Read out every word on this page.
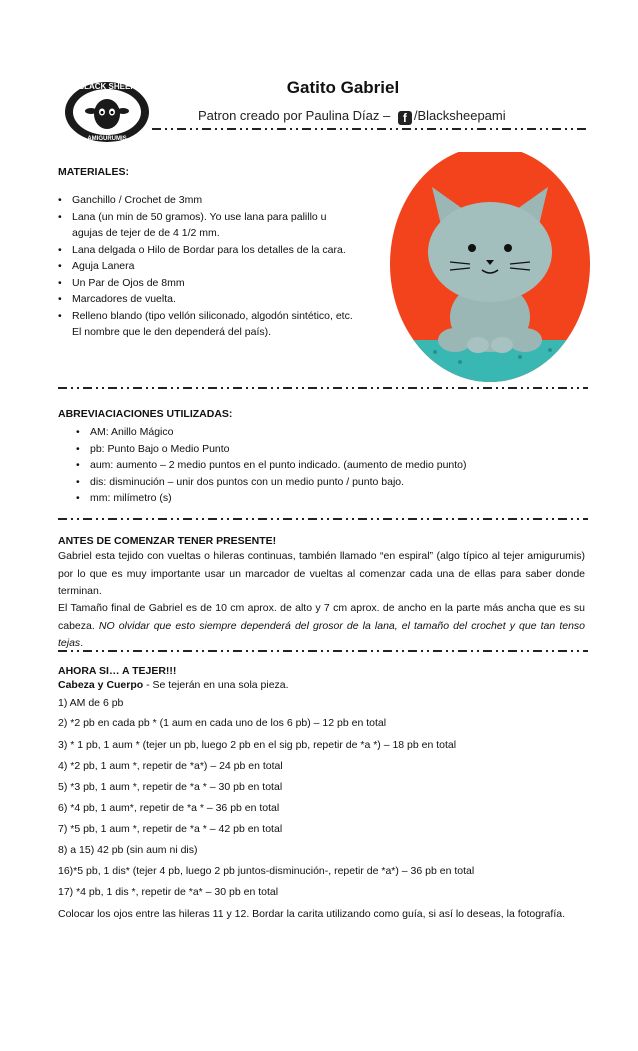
BLACK SHEEP
AMIGURUMIS
Gatito Gabriel
Patron creado por Paulina Díaz – f /Blacksheepami
MATERIALES:
• Ganchillo / Crochet de 3mm
• Lana (un min de 50 gramos). Yo use lana para palillo u agujas de tejer de de 4 1/2 mm.
• Lana delgada o Hilo de Bordar para los detalles de la cara.
• Aguja Lanera
• Un Par de Ojos de 8mm
• Marcadores de vuelta.
• Relleno blando (tipo vellón siliconado, algodón sintético, etc. El nombre que le den dependerá del país).
ABREVIACIACIONES UTILIZADAS:
• AM: Anillo Mágico
• pb: Punto Bajo o Medio Punto
• aum: aumento – 2 medio puntos en el punto indicado. (aumento de medio punto)
• dis: disminución – unir dos puntos con un medio punto / punto bajo.
• mm: milímetro (s)
ANTES DE COMENZAR TENER PRESENTE!
Gabriel esta tejido con vueltas o hileras continuas, también llamado “en espiral” (algo típico al tejer amigurumis) por lo que es muy importante usar un marcador de vueltas al comenzar cada una de ellas para saber donde terminan.
El Tamaño final de Gabriel es de 10 cm aprox. de alto y 7 cm aprox. de ancho en la parte más ancha que es su cabeza. NO olvidar que esto siempre dependerá del grosor de la lana, el tamaño del crochet y que tan tenso tejas.
AHORA SI… A TEJER!!!
Cabeza y Cuerpo - Se tejerán en una sola pieza.
1) AM de 6 pb
2) *2 pb en cada pb * (1 aum en cada uno de los 6 pb) – 12 pb en total
3) * 1 pb, 1 aum * (tejer un pb, luego 2 pb en el sig pb, repetir de *a *) – 18 pb en total
4) *2 pb, 1 aum *, repetir de *a*) – 24 pb en total
5) *3 pb, 1 aum *, repetir de *a * – 30 pb en total
6) *4 pb, 1 aum*, repetir de *a * – 36 pb en total
7) *5 pb, 1 aum *, repetir de *a * – 42 pb en total
8) a 15) 42 pb (sin aum ni dis)
16)*5 pb, 1 dis* (tejer 4 pb, luego 2 pb juntos-disminución-, repetir de *a*) – 36 pb en total
17) *4 pb, 1 dis *, repetir de *a* – 30 pb en total
Colocar los ojos entre las hileras 11 y 12. Bordar la carita utilizando como guía, si así lo deseas, la fotografía.
